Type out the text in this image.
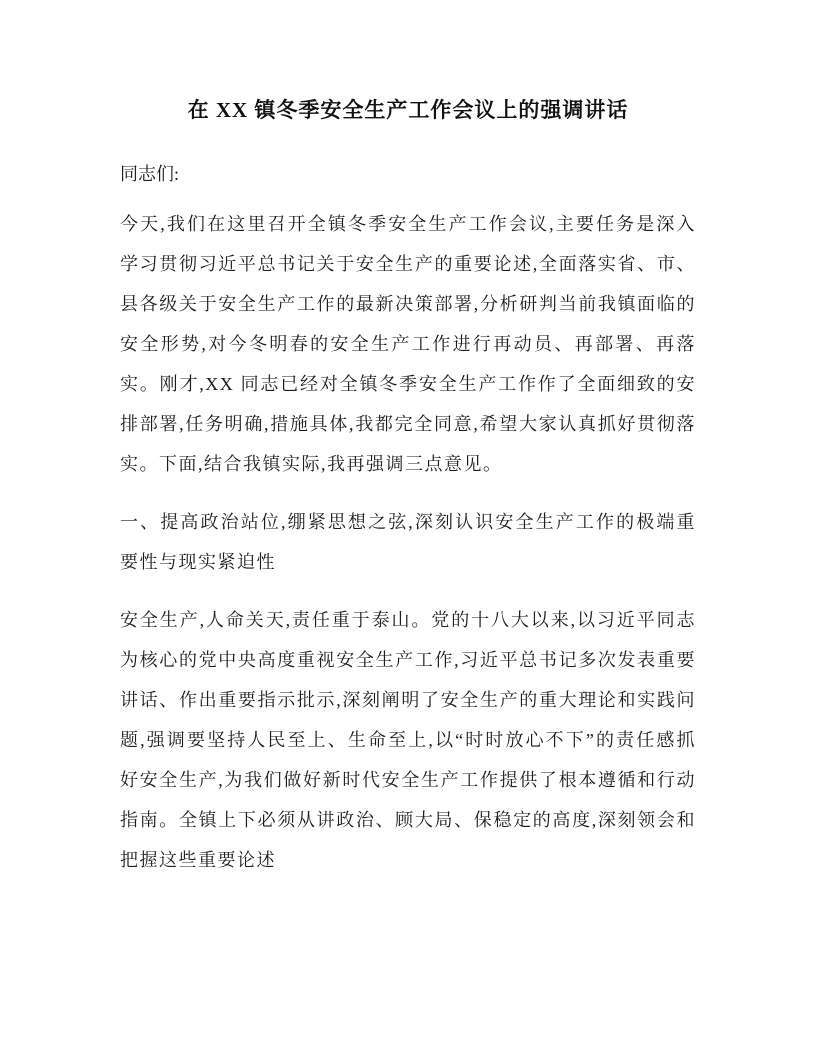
在 XX 镇冬季安全生产工作会议上的强调讲话

同志们:

今天,我们在这里召开全镇冬季安全生产工作会议,主要任务是深入学习贯彻习近平总书记关于安全生产的重要论述,全面落实省、市、县各级关于安全生产工作的最新决策部署,分析研判当前我镇面临的安全形势,对今冬明春的安全生产工作进行再动员、再部署、再落实。刚才,XX 同志已经对全镇冬季安全生产工作作了全面细致的安排部署,任务明确,措施具体,我都完全同意,希望大家认真抓好贯彻落实。下面,结合我镇实际,我再强调三点意见。

一、提高政治站位,绷紧思想之弦,深刻认识安全生产工作的极端重要性与现实紧迫性

安全生产,人命关天,责任重于泰山。党的十八大以来,以习近平同志为核心的党中央高度重视安全生产工作,习近平总书记多次发表重要讲话、作出重要指示批示,深刻阐明了安全生产的重大理论和实践问题,强调要坚持人民至上、生命至上,以“时时放心不下”的责任感抓好安全生产,为我们做好新时代安全生产工作提供了根本遵循和行动指南。全镇上下必须从讲政治、顾大局、保稳定的高度,深刻领会和把握这些重要论述
